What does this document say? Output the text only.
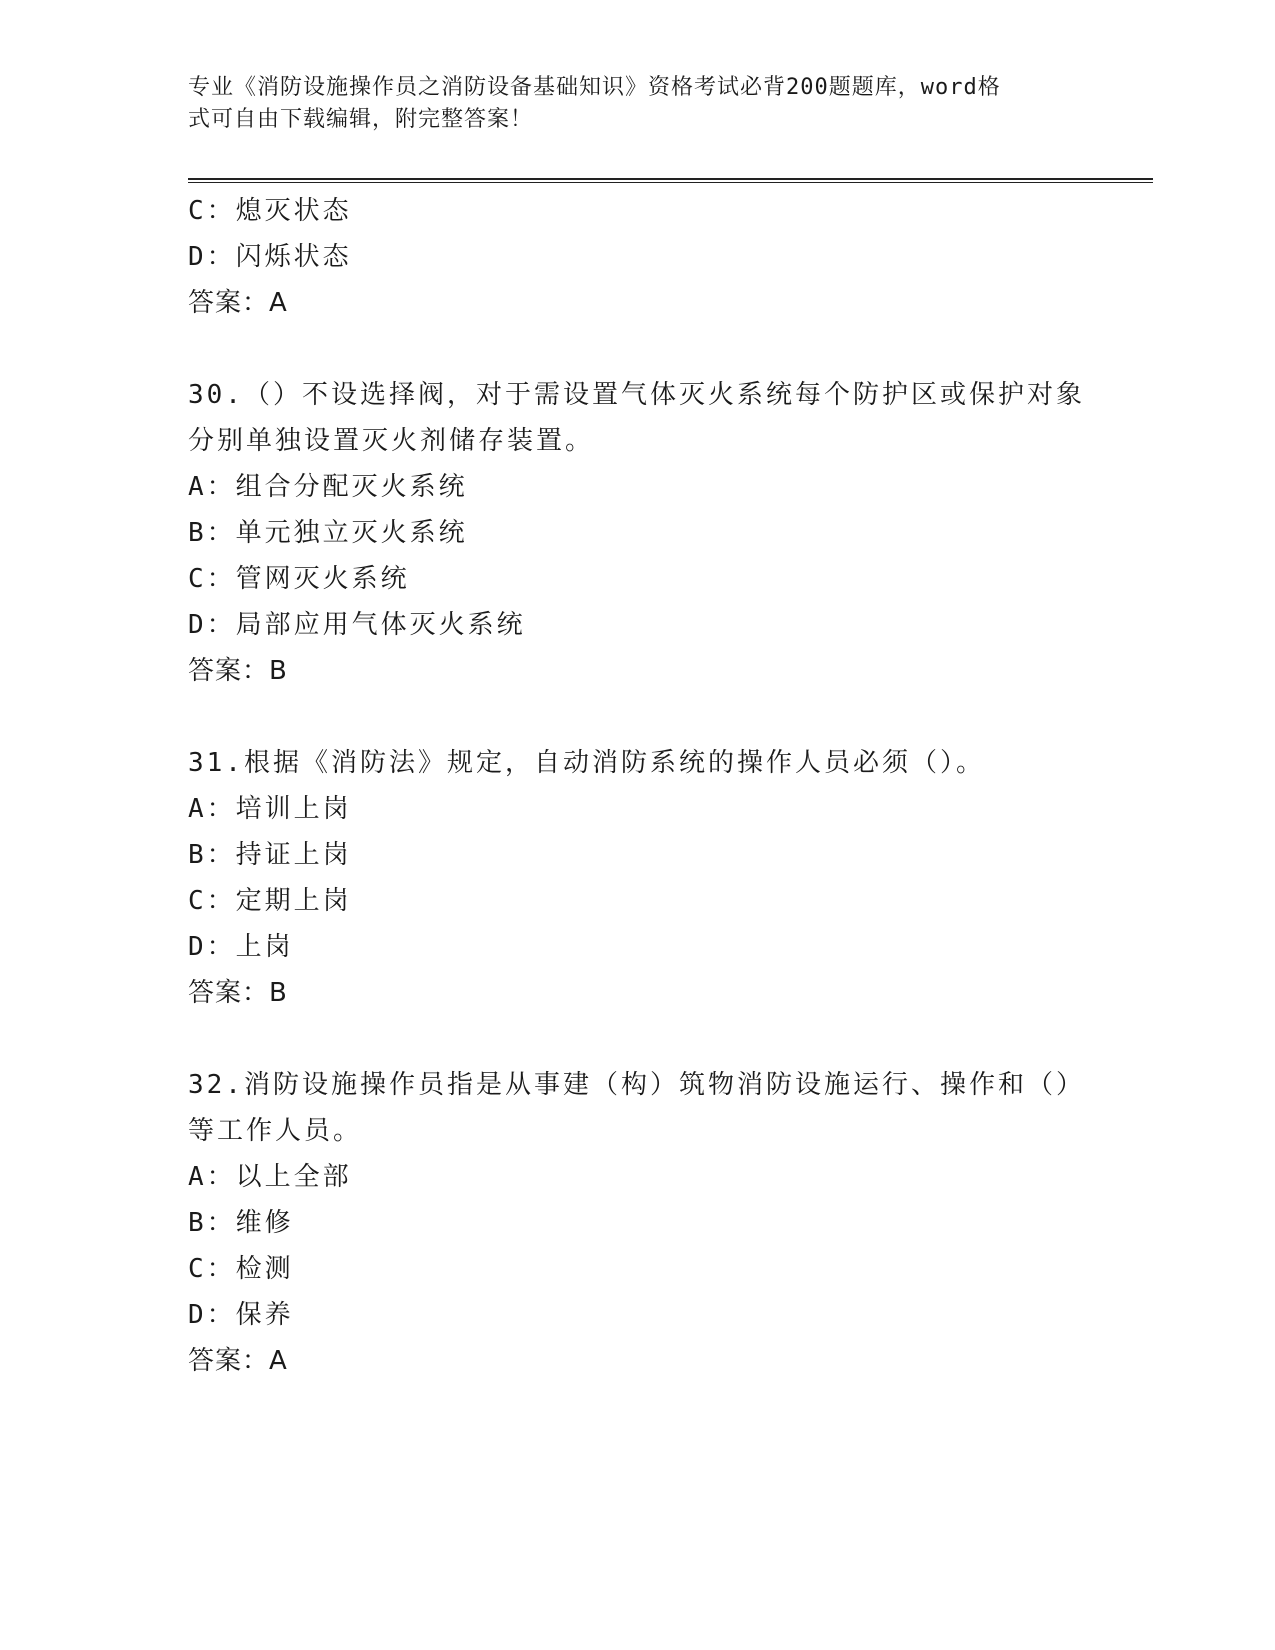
专业《消防设施操作员之消防设备基础知识》资格考试必背200题题库，word格
式可自由下载编辑，附完整答案！
C：熄灭状态
D：闪烁状态
答案：A
30.（）不设选择阀，对于需设置气体灭火系统每个防护区或保护对象
分别单独设置灭火剂储存装置。
A：组合分配灭火系统
B：单元独立灭火系统
C：管网灭火系统
D：局部应用气体灭火系统
答案：B
31.根据《消防法》规定，自动消防系统的操作人员必须（）。
A：培训上岗
B：持证上岗
C：定期上岗
D：上岗
答案：B
32.消防设施操作员指是从事建（构）筑物消防设施运行、操作和（）
等工作人员。
A：以上全部
B：维修
C：检测
D：保养
答案：A
